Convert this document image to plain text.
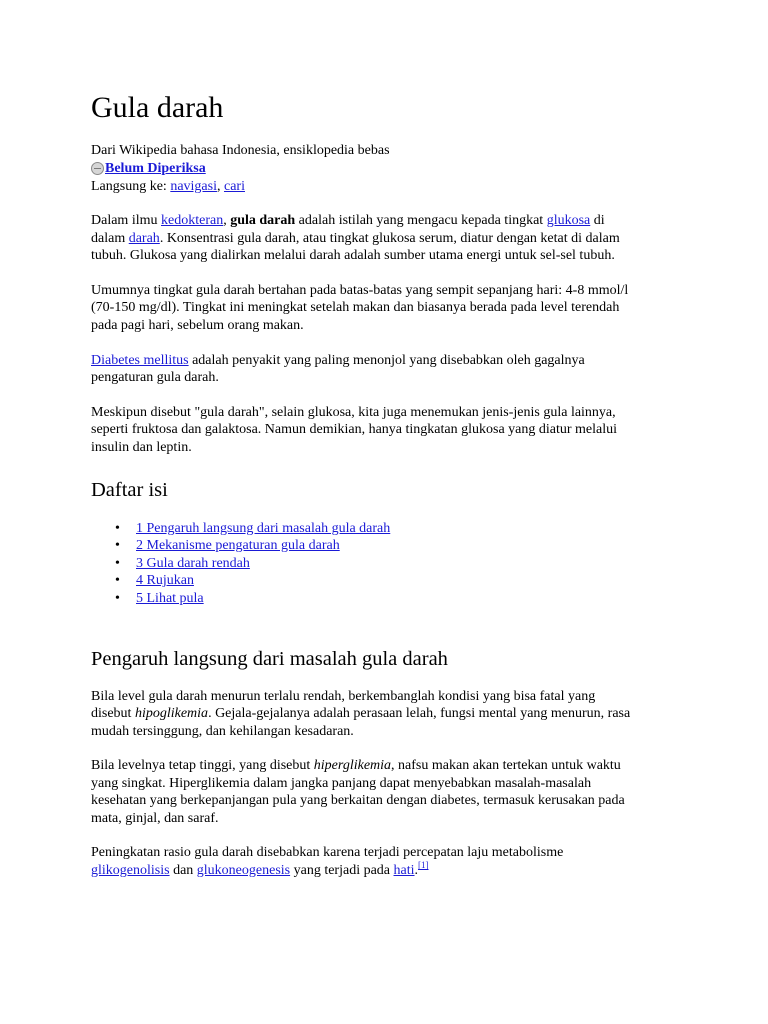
Gula darah
Dari Wikipedia bahasa Indonesia, ensiklopedia bebas
Belum Diperiksa
Langsung ke: navigasi, cari
Dalam ilmu kedokteran, gula darah adalah istilah yang mengacu kepada tingkat glukosa di
dalam darah. Konsentrasi gula darah, atau tingkat glukosa serum, diatur dengan ketat di dalam
tubuh. Glukosa yang dialirkan melalui darah adalah sumber utama energi untuk sel-sel tubuh.
Umumnya tingkat gula darah bertahan pada batas-batas yang sempit sepanjang hari: 4-8 mmol/l
(70-150 mg/dl). Tingkat ini meningkat setelah makan dan biasanya berada pada level terendah
pada pagi hari, sebelum orang makan.
Diabetes mellitus adalah penyakit yang paling menonjol yang disebabkan oleh gagalnya
pengaturan gula darah.
Meskipun disebut "gula darah", selain glukosa, kita juga menemukan jenis-jenis gula lainnya,
seperti fruktosa dan galaktosa. Namun demikian, hanya tingkatan glukosa yang diatur melalui
insulin dan leptin.
Daftar isi
• 1 Pengaruh langsung dari masalah gula darah
• 2 Mekanisme pengaturan gula darah
• 3 Gula darah rendah
• 4 Rujukan
• 5 Lihat pula
Pengaruh langsung dari masalah gula darah
Bila level gula darah menurun terlalu rendah, berkembanglah kondisi yang bisa fatal yang
disebut hipoglikemia. Gejala-gejalanya adalah perasaan lelah, fungsi mental yang menurun, rasa
mudah tersinggung, dan kehilangan kesadaran.
Bila levelnya tetap tinggi, yang disebut hiperglikemia, nafsu makan akan tertekan untuk waktu
yang singkat. Hiperglikemia dalam jangka panjang dapat menyebabkan masalah-masalah
kesehatan yang berkepanjangan pula yang berkaitan dengan diabetes, termasuk kerusakan pada
mata, ginjal, dan saraf.
Peningkatan rasio gula darah disebabkan karena terjadi percepatan laju metabolisme
glikogenolisis dan glukoneogenesis yang terjadi pada hati.[1]
